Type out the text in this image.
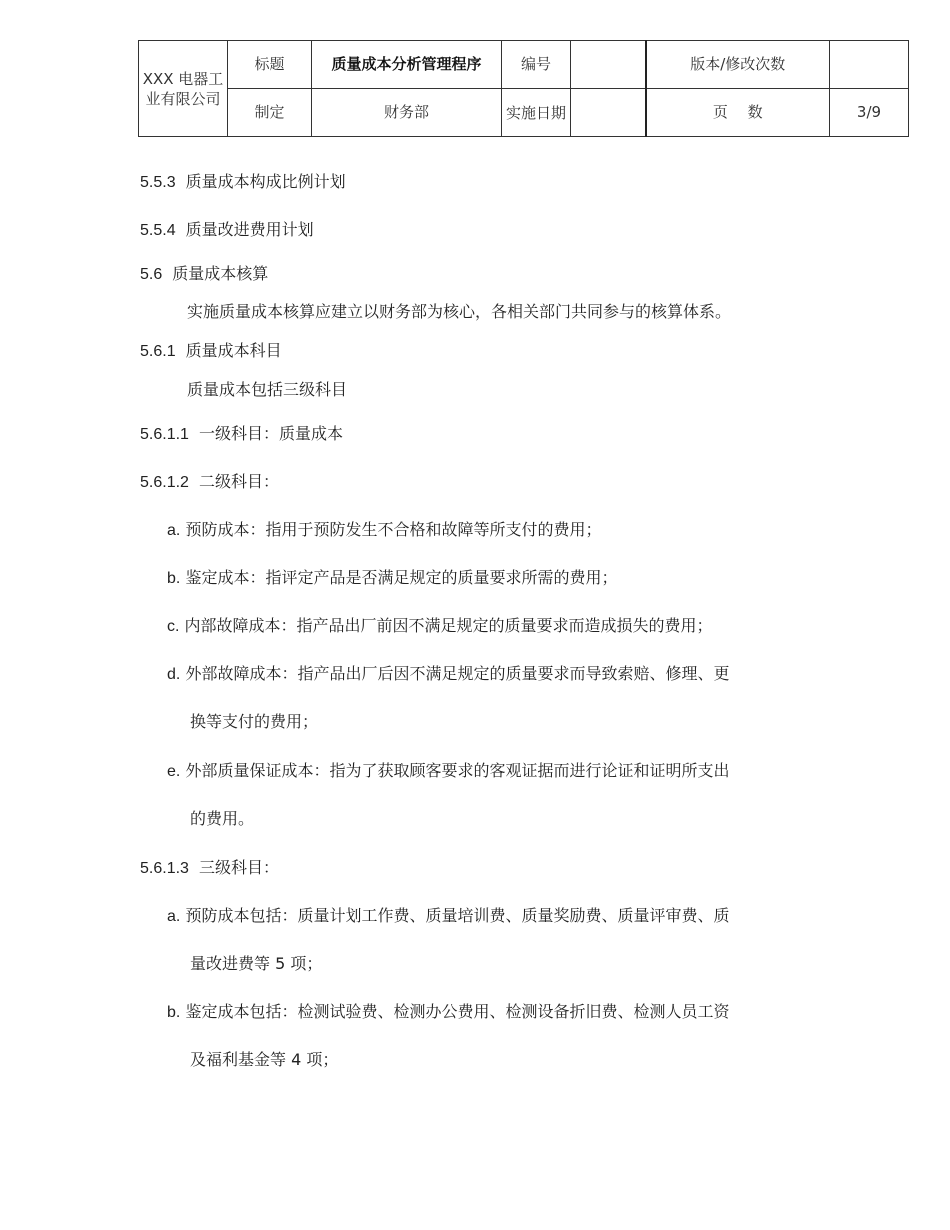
XXX 电器工业有限公司	标题	质量成本分析管理程序	编号		版本/修改次数	
	制定	财务部	实施日期		页　 数	3/9
5.5.3 质量成本构成比例计划
5.5.4 质量改进费用计划
5.6 质量成本核算
实施质量成本核算应建立以财务部为核心，各相关部门共同参与的核算体系。
5.6.1 质量成本科目
质量成本包括三级科目
5.6.1.1 一级科目：质量成本
5.6.1.2 二级科目：
a. 预防成本：指用于预防发生不合格和故障等所支付的费用；
b. 鉴定成本：指评定产品是否满足规定的质量要求所需的费用；
c. 内部故障成本：指产品出厂前因不满足规定的质量要求而造成损失的费用；
d. 外部故障成本：指产品出厂后因不满足规定的质量要求而导致索赔、修理、更
换等支付的费用；
e. 外部质量保证成本：指为了获取顾客要求的客观证据而进行论证和证明所支出
的费用。
5.6.1.3 三级科目：
a. 预防成本包括：质量计划工作费、质量培训费、质量奖励费、质量评审费、质
量改进费等 5 项；
b. 鉴定成本包括：检测试验费、检测办公费用、检测设备折旧费、检测人员工资
及福利基金等 4 项；
